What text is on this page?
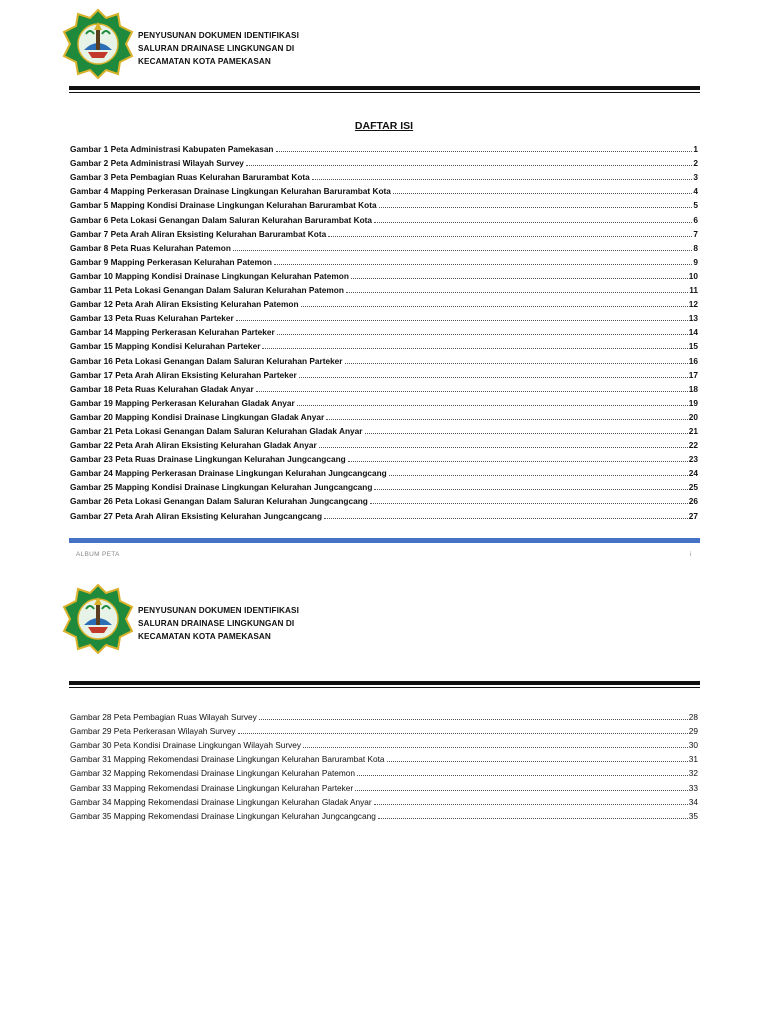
PENYUSUNAN DOKUMEN IDENTIFIKASI
SALURAN DRAINASE LINGKUNGAN DI
KECAMATAN KOTA PAMEKASAN
DAFTAR ISI
Gambar 1 Peta Administrasi Kabupaten Pamekasan	1
Gambar 2 Peta Administrasi Wilayah Survey	2
Gambar 3 Peta Pembagian Ruas Kelurahan Barurambat Kota	3
Gambar 4 Mapping Perkerasan Drainase Lingkungan Kelurahan Barurambat Kota	4
Gambar 5 Mapping Kondisi Drainase Lingkungan Kelurahan Barurambat Kota	5
Gambar 6 Peta Lokasi Genangan Dalam Saluran Kelurahan Barurambat Kota	6
Gambar 7 Peta Arah Aliran Eksisting Kelurahan Barurambat Kota	7
Gambar 8 Peta Ruas Kelurahan Patemon	8
Gambar 9 Mapping Perkerasan Kelurahan Patemon	9
Gambar 10 Mapping Kondisi Drainase Lingkungan Kelurahan Patemon	10
Gambar 11 Peta Lokasi Genangan Dalam Saluran Kelurahan Patemon	11
Gambar 12 Peta Arah Aliran Eksisting Kelurahan Patemon	12
Gambar 13 Peta Ruas Kelurahan Parteker	13
Gambar 14 Mapping Perkerasan Kelurahan Parteker	14
Gambar 15 Mapping Kondisi Kelurahan Parteker	15
Gambar 16 Peta Lokasi Genangan Dalam Saluran Kelurahan Parteker	16
Gambar 17 Peta Arah Aliran Eksisting Kelurahan Parteker	17
Gambar 18 Peta Ruas Kelurahan Gladak Anyar	18
Gambar 19 Mapping Perkerasan Kelurahan Gladak Anyar	19
Gambar 20 Mapping Kondisi Drainase Lingkungan Gladak Anyar	20
Gambar 21 Peta Lokasi Genangan Dalam Saluran Kelurahan Gladak Anyar	21
Gambar 22 Peta Arah Aliran Eksisting Kelurahan Gladak Anyar	22
Gambar 23 Peta Ruas Drainase Lingkungan Kelurahan Jungcangcang	23
Gambar 24 Mapping Perkerasan Drainase Lingkungan Kelurahan Jungcangcang	24
Gambar 25 Mapping Kondisi Drainase Lingkungan Kelurahan Jungcangcang	25
Gambar 26 Peta Lokasi Genangan Dalam Saluran Kelurahan Jungcangcang	26
Gambar 27 Peta Arah Aliran Eksisting Kelurahan Jungcangcang	27
ALBUM PETA	i
PENYUSUNAN DOKUMEN IDENTIFIKASI
SALURAN DRAINASE LINGKUNGAN DI
KECAMATAN KOTA PAMEKASAN
Gambar 28 Peta Pembagian Ruas Wilayah Survey	28
Gambar 29 Peta Perkerasan Wilayah Survey	29
Gambar 30 Peta Kondisi Drainase Lingkungan Wilayah Survey	30
Gambar 31 Mapping Rekomendasi Drainase Lingkungan Kelurahan Barurambat Kota	31
Gambar 32 Mapping Rekomendasi Drainase Lingkungan Kelurahan Patemon	32
Gambar 33 Mapping Rekomendasi Drainase Lingkungan Kelurahan Parteker	33
Gambar 34 Mapping Rekomendasi Drainase Lingkungan Kelurahan Gladak Anyar	34
Gambar 35 Mapping Rekomendasi Drainase Lingkungan Kelurahan Jungcangcang	35
